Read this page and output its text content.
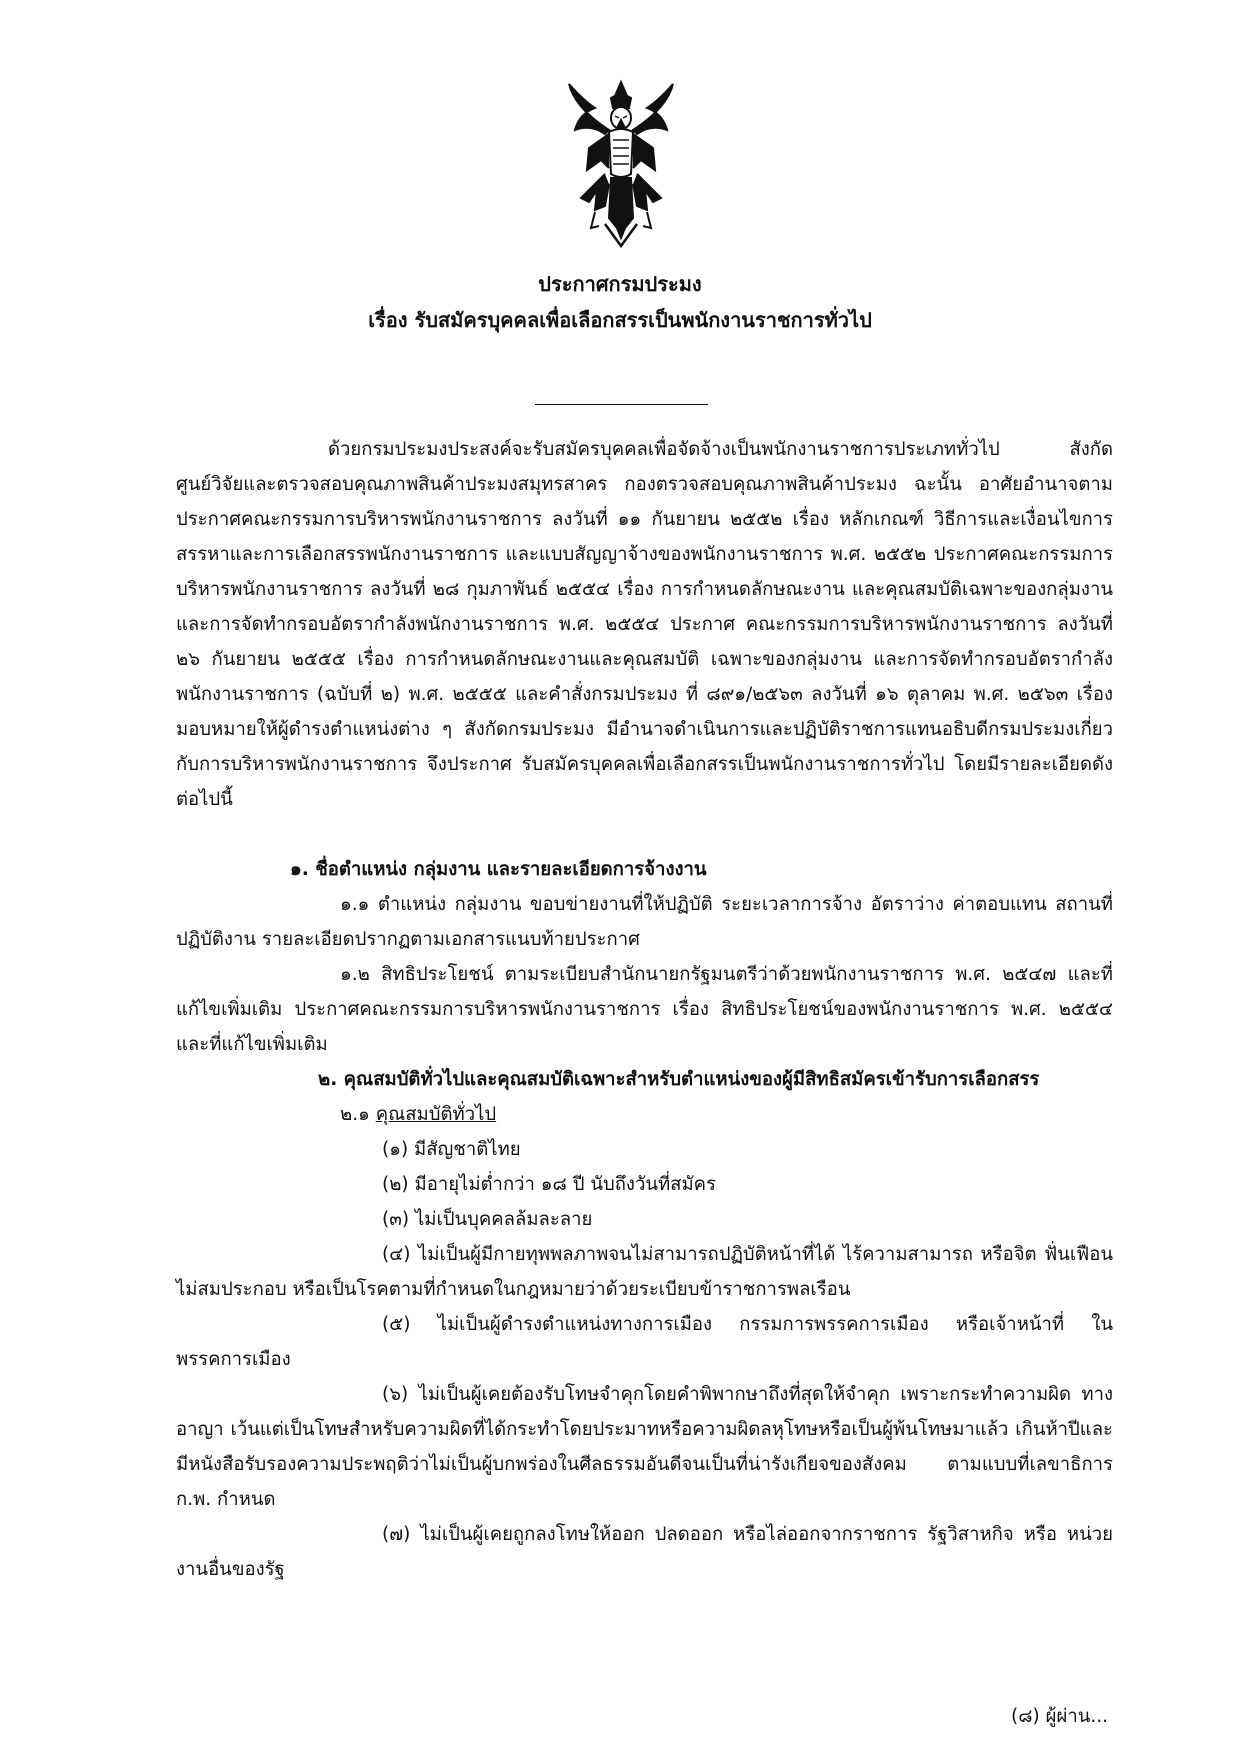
ประกาศกรมประมง

เรื่อง รับสมัครบุคคลเพื่อเลือกสรรเป็นพนักงานราชการทั่วไป

ด้วยกรมประมงประสงค์จะรับสมัครบุคคลเพื่อจัดจ้างเป็นพนักงานราชการประเภททั่วไป สังกัดศูนย์วิจัยและตรวจสอบคุณภาพสินค้าประมงสมุทรสาคร กองตรวจสอบคุณภาพสินค้าประมง ฉะนั้น อาศัยอำนาจตามประกาศคณะกรรมการบริหารพนักงานราชการ ลงวันที่ ๑๑ กันยายน ๒๕๕๒ เรื่อง หลักเกณฑ์ วิธีการและเงื่อนไขการสรรหาและการเลือกสรรพนักงานราชการ และแบบสัญญาจ้างของพนักงานราชการ พ.ศ. ๒๕๕๒ ประกาศคณะกรรมการบริหารพนักงานราชการ ลงวันที่ ๒๘ กุมภาพันธ์ ๒๕๕๔ เรื่อง การกำหนดลักษณะงาน และคุณสมบัติเฉพาะของกลุ่มงานและการจัดทำกรอบอัตรากำลังพนักงานราชการ พ.ศ. ๒๕๕๔ ประกาศ คณะกรรมการบริหารพนักงานราชการ ลงวันที่ ๒๖ กันยายน ๒๕๕๕ เรื่อง การกำหนดลักษณะงานและคุณสมบัติ เฉพาะของกลุ่มงาน และการจัดทำกรอบอัตรากำลังพนักงานราชการ (ฉบับที่ ๒) พ.ศ. ๒๕๕๕ และคำสั่งกรมประมง ที่ ๘๙๑/๒๕๖๓ ลงวันที่ ๑๖ ตุลาคม พ.ศ. ๒๕๖๓ เรื่อง มอบหมายให้ผู้ดำรงตำแหน่งต่าง ๆ สังกัดกรมประมง มีอำนาจดำเนินการและปฏิบัติราชการแทนอธิบดีกรมประมงเกี่ยวกับการบริหารพนักงานราชการ จึงประกาศ รับสมัครบุคคลเพื่อเลือกสรรเป็นพนักงานราชการทั่วไป โดยมีรายละเอียดดังต่อไปนี้

๑. ชื่อตำแหน่ง กลุ่มงาน และรายละเอียดการจ้างงาน

๑.๑ ตำแหน่ง กลุ่มงาน ขอบข่ายงานที่ให้ปฏิบัติ ระยะเวลาการจ้าง อัตราว่าง ค่าตอบแทน สถานที่ปฏิบัติงาน รายละเอียดปรากฏตามเอกสารแนบท้ายประกาศ

๑.๒ สิทธิประโยชน์ ตามระเบียบสำนักนายกรัฐมนตรีว่าด้วยพนักงานราชการ พ.ศ. ๒๕๔๗ และที่แก้ไขเพิ่มเติม ประกาศคณะกรรมการบริหารพนักงานราชการ เรื่อง สิทธิประโยชน์ของพนักงานราชการ พ.ศ. ๒๕๕๔ และที่แก้ไขเพิ่มเติม

๒. คุณสมบัติทั่วไปและคุณสมบัติเฉพาะสำหรับตำแหน่งของผู้มีสิทธิสมัครเข้ารับการเลือกสรร

๒.๑ คุณสมบัติทั่วไป

(๑) มีสัญชาติไทย

(๒) มีอายุไม่ต่ำกว่า ๑๘ ปี นับถึงวันที่สมัคร

(๓) ไม่เป็นบุคคลล้มละลาย

(๔) ไม่เป็นผู้มีกายทุพพลภาพจนไม่สามารถปฏิบัติหน้าที่ได้ ไร้ความสามารถ หรือจิต ฟั่นเฟือนไม่สมประกอบ หรือเป็นโรคตามที่กำหนดในกฎหมายว่าด้วยระเบียบข้าราชการพลเรือน

(๕) ไม่เป็นผู้ดำรงตำแหน่งทางการเมือง กรรมการพรรคการเมือง หรือเจ้าหน้าที่ ในพรรคการเมือง

(๖) ไม่เป็นผู้เคยต้องรับโทษจำคุกโดยคำพิพากษาถึงที่สุดให้จำคุก เพราะกระทำความผิด ทางอาญา เว้นแต่เป็นโทษสำหรับความผิดที่ได้กระทำโดยประมาทหรือความผิดลหุโทษหรือเป็นผู้พ้นโทษมาแล้ว เกินห้าปีและมีหนังสือรับรองความประพฤติว่าไม่เป็นผู้บกพร่องในศีลธรรมอันดีจนเป็นที่น่ารังเกียจของสังคม ตามแบบที่เลขาธิการ ก.พ. กำหนด

(๗) ไม่เป็นผู้เคยถูกลงโทษให้ออก ปลดออก หรือไล่ออกจากราชการ รัฐวิสาหกิจ หรือ หน่วยงานอื่นของรัฐ

(๘) ผู้ผ่าน...
